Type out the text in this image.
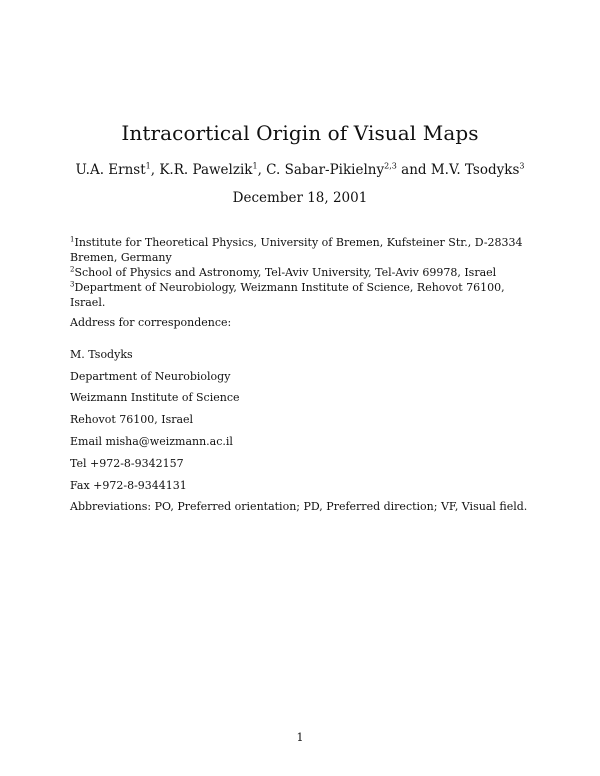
Intracortical Origin of Visual Maps
U.A. Ernst$^1$, K.R. Pawelzik$^1$, C. Sabar-Pikielny$^{2,3}$ and M.V. Tsodyks$^3$
December 18, 2001

$^1$Institute for Theoretical Physics, University of Bremen, Kufsteiner Str., D-28334 Bremen, Germany

$^2$School of Physics and Astronomy, Tel-Aviv University, Tel-Aviv 69978, Israel

$^3$Department of Neurobiology, Weizmann Institute of Science, Rehovot 76100, Israel.

Address for correspondence:
M. Tsodyks
Department of Neurobiology
Weizmann Institute of Science
Rehovot 76100, Israel
Email misha@weizmann.ac.il
Tel +972-8-9342157
Fax +972-8-9344131
Abbreviations: PO, Preferred orientation; PD, Preferred direction; VF, Visual field.
1
